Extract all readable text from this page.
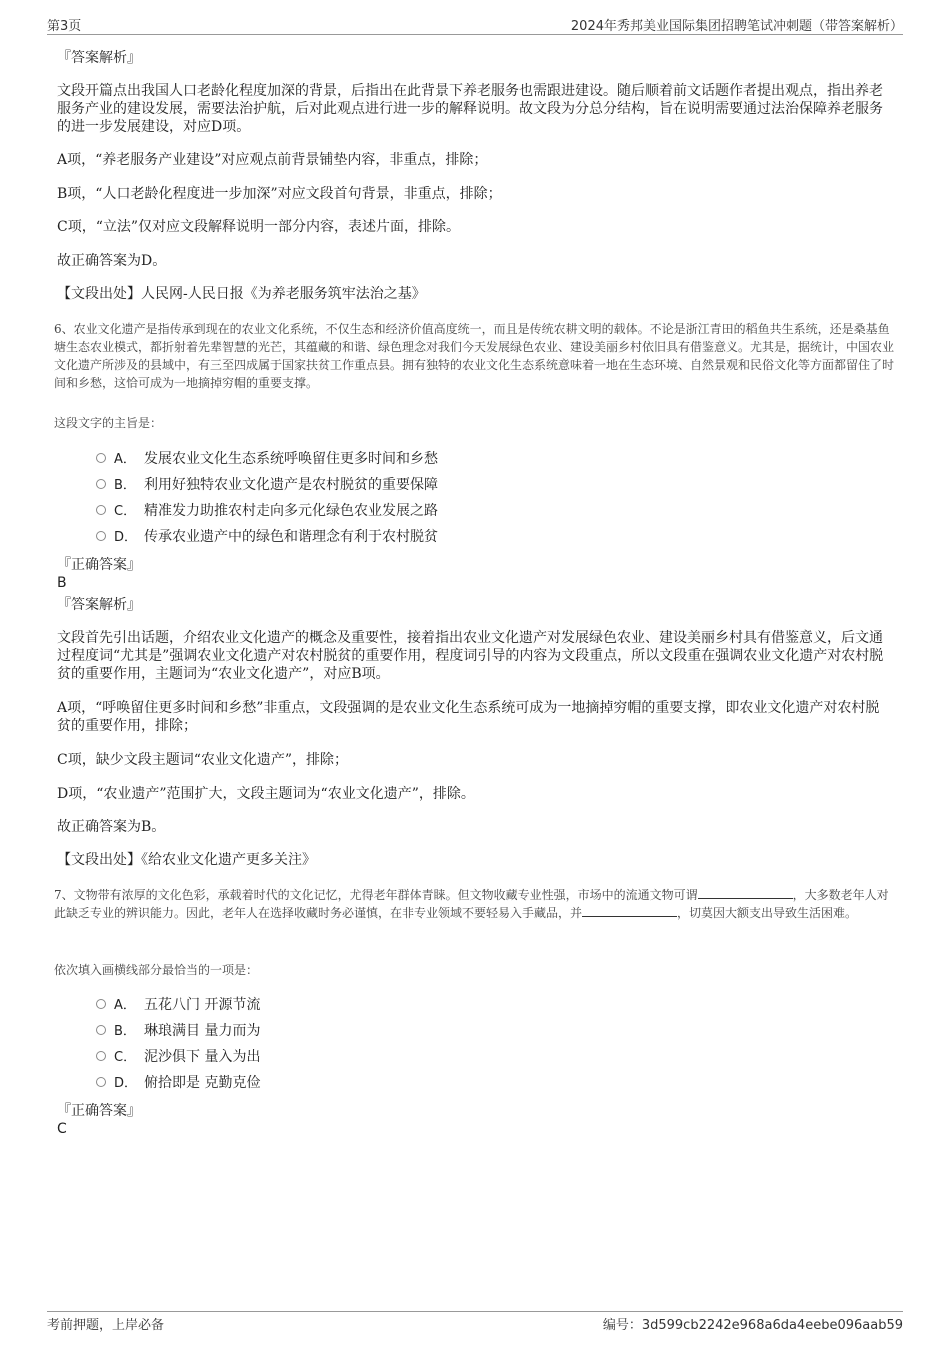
第3页	2024年秀邦美业国际集团招聘笔试冲刺题（带答案解析）
『答案解析』
文段开篇点出我国人口老龄化程度加深的背景，后指出在此背景下养老服务也需跟进建设。随后顺着前文话题作者提出观点，指出养老服务产业的建设发展，需要法治护航，后对此观点进行进一步的解释说明。故文段为分总分结构，旨在说明需要通过法治保障养老服务的进一步发展建设，对应D项。
A项，“养老服务产业建设”对应观点前背景铺垫内容，非重点，排除；
B项，“人口老龄化程度进一步加深”对应文段首句背景，非重点，排除；
C项，“立法”仅对应文段解释说明一部分内容，表述片面，排除。
故正确答案为D。
【文段出处】人民网-人民日报《为养老服务筑牢法治之基》
6、农业文化遗产是指传承到现在的农业文化系统，不仅生态和经济价值高度统一，而且是传统农耕文明的载体。不论是浙江青田的稻鱼共生系统，还是桑基鱼塘生态农业模式，都折射着先辈智慧的光芒，其蕴藏的和谐、绿色理念对我们今天发展绿色农业、建设美丽乡村依旧具有借鉴意义。尤其是，据统计，中国农业文化遗产所涉及的县域中，有三至四成属于国家扶贫工作重点县。拥有独特的农业文化生态系统意味着一地在生态环境、自然景观和民俗文化等方面都留住了时间和乡愁，这恰可成为一地摘掉穷帽的重要支撑。
这段文字的主旨是：
A． 发展农业文化生态系统呼唤留住更多时间和乡愁
B． 利用好独特农业文化遗产是农村脱贫的重要保障
C． 精准发力助推农村走向多元化绿色农业发展之路
D． 传承农业遗产中的绿色和谐理念有利于农村脱贫
『正确答案』
B
『答案解析』
文段首先引出话题，介绍农业文化遗产的概念及重要性，接着指出农业文化遗产对发展绿色农业、建设美丽乡村具有借鉴意义，后文通过程度词“尤其是”强调农业文化遗产对农村脱贫的重要作用，程度词引导的内容为文段重点，所以文段重在强调农业文化遗产对农村脱贫的重要作用，主题词为“农业文化遗产”，对应B项。
A项，“呼唤留住更多时间和乡愁”非重点，文段强调的是农业文化生态系统可成为一地摘掉穷帽的重要支撑，即农业文化遗产对农村脱贫的重要作用，排除；
C项，缺少文段主题词“农业文化遗产”，排除；
D项，“农业遗产”范围扩大，文段主题词为“农业文化遗产”，排除。
故正确答案为B。
【文段出处】《给农业文化遗产更多关注》
7、文物带有浓厚的文化色彩，承载着时代的文化记忆，尤得老年群体青睐。但文物收藏专业性强，市场中的流通文物可谓	，大多数老年人对此缺乏专业的辨识能力。因此，老年人在选择收藏时务必谨慎，在非专业领域不要轻易入手藏品，并	，切莫因大额支出导致生活困难。
依次填入画横线部分最恰当的一项是：
A． 五花八门 开源节流
B． 琳琅满目 量力而为
C． 泥沙俱下 量入为出
D． 俯拾即是 克勤克俭
『正确答案』
C
考前押题，上岸必备	编号：3d599cb2242e968a6da4eebe096aab59
